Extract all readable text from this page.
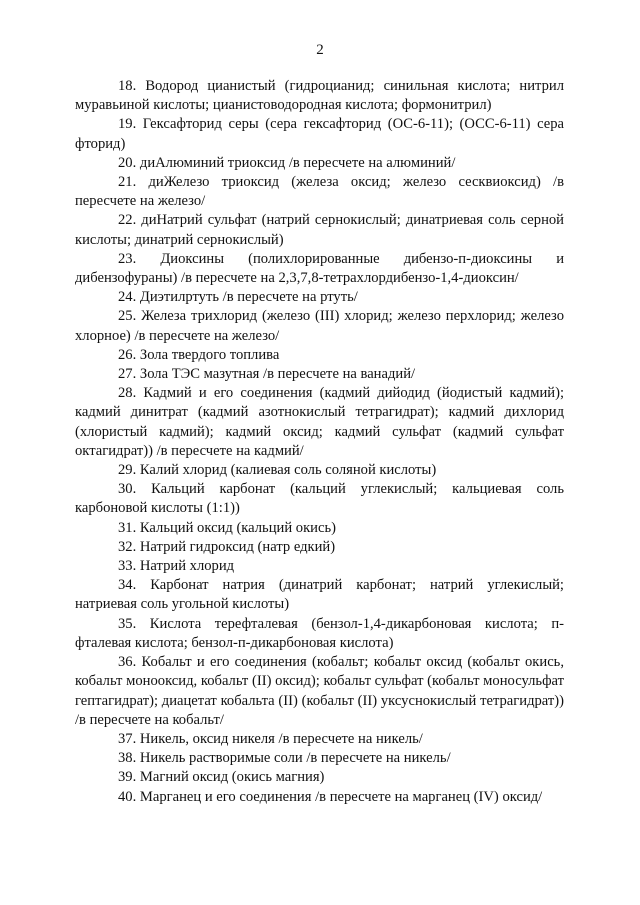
2

18. Водород цианистый (гидроцианид; синильная кислота; нитрил муравьиной кислоты; цианистоводородная кислота; формонитрил)

19. Гексафторид серы (сера гексафторид (ОС-6-11); (ОСС-6-11) сера фторид)

20. диАлюминий триоксид /в пересчете на алюминий/

21. диЖелезо триоксид (железа оксид; железо сесквиоксид) /в пересчете на железо/

22. диНатрий сульфат (натрий сернокислый; динатриевая соль серной кислоты; динатрий сернокислый)

23. Диоксины (полихлорированные дибензо-п-диоксины и дибензофураны) /в пересчете на 2,3,7,8-тетрахлордибензо-1,4-диоксин/

24. Диэтилртуть /в пересчете на ртуть/

25. Железа трихлорид (железо (III) хлорид; железо перхлорид; железо хлорное) /в пересчете на железо/

26. Зола твердого топлива

27. Зола ТЭС мазутная /в пересчете на ванадий/

28. Кадмий и его соединения (кадмий дийодид (йодистый кадмий); кадмий динитрат (кадмий азотнокислый тетрагидрат); кадмий дихлорид (хлористый кадмий); кадмий оксид; кадмий сульфат (кадмий сульфат октагидрат)) /в пересчете на кадмий/

29. Калий хлорид (калиевая соль соляной кислоты)

30. Кальций карбонат (кальций углекислый; кальциевая соль карбоновой кислоты (1:1))

31. Кальций оксид (кальций окись)

32. Натрий гидроксид (натр едкий)

33. Натрий хлорид

34. Карбонат натрия (динатрий карбонат; натрий углекислый; натриевая соль угольной кислоты)

35. Кислота терефталевая (бензол-1,4-дикарбоновая кислота; п-фталевая кислота; бензол-п-дикарбоновая кислота)

36. Кобальт и его соединения (кобальт; кобальт оксид (кобальт окись, кобальт монооксид, кобальт (II) оксид); кобальт сульфат (кобальт моносульфат гептагидрат); диацетат кобальта (II) (кобальт (II) уксуснокислый тетрагидрат)) /в пересчете на кобальт/

37. Никель, оксид никеля /в пересчете на никель/

38. Никель растворимые соли /в пересчете на никель/

39. Магний оксид (окись магния)

40. Марганец и его соединения /в пересчете на марганец (IV) оксид/
